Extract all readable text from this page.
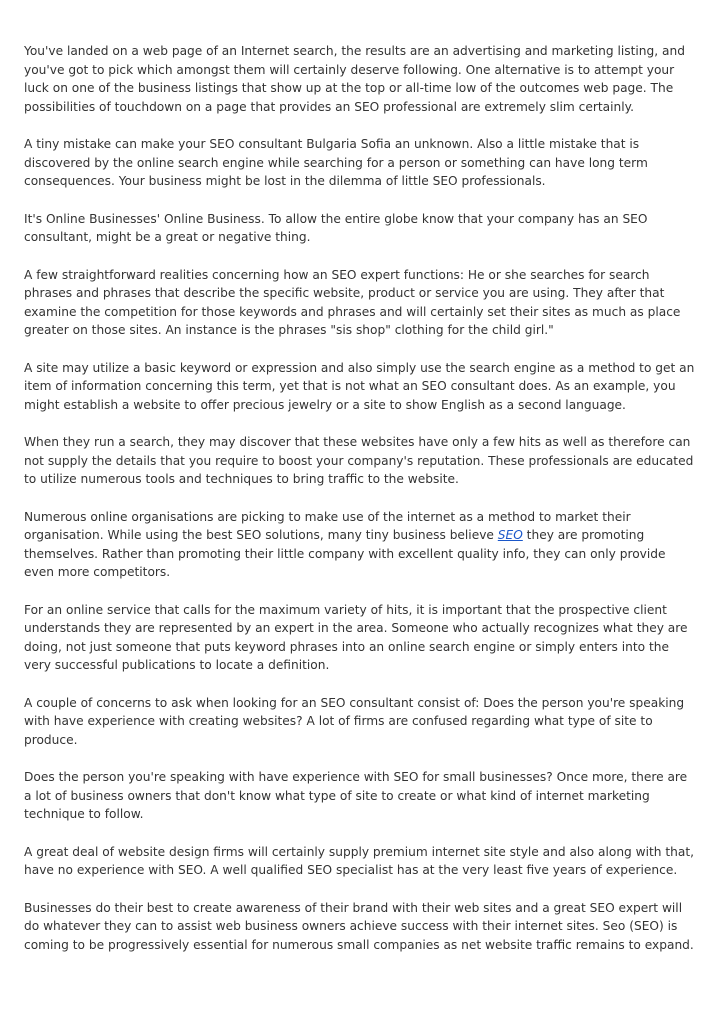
You've landed on a web page of an Internet search, the results are an advertising and marketing listing, and you've got to pick which amongst them will certainly deserve following. One alternative is to attempt your luck on one of the business listings that show up at the top or all-time low of the outcomes web page. The possibilities of touchdown on a page that provides an SEO professional are extremely slim certainly.

A tiny mistake can make your SEO consultant Bulgaria Sofia an unknown. Also a little mistake that is discovered by the online search engine while searching for a person or something can have long term consequences. Your business might be lost in the dilemma of little SEO professionals.

It's Online Businesses' Online Business. To allow the entire globe know that your company has an SEO consultant, might be a great or negative thing.

A few straightforward realities concerning how an SEO expert functions: He or she searches for search phrases and phrases that describe the specific website, product or service you are using. They after that examine the competition for those keywords and phrases and will certainly set their sites as much as place greater on those sites. An instance is the phrases "sis shop" clothing for the child girl."

A site may utilize a basic keyword or expression and also simply use the search engine as a method to get an item of information concerning this term, yet that is not what an SEO consultant does. As an example, you might establish a website to offer precious jewelry or a site to show English as a second language.

When they run a search, they may discover that these websites have only a few hits as well as therefore can not supply the details that you require to boost your company's reputation. These professionals are educated to utilize numerous tools and techniques to bring traffic to the website.

Numerous online organisations are picking to make use of the internet as a method to market their organisation. While using the best SEO solutions, many tiny business believe SEO they are promoting themselves. Rather than promoting their little company with excellent quality info, they can only provide even more competitors.

For an online service that calls for the maximum variety of hits, it is important that the prospective client understands they are represented by an expert in the area. Someone who actually recognizes what they are doing, not just someone that puts keyword phrases into an online search engine or simply enters into the very successful publications to locate a definition.

A couple of concerns to ask when looking for an SEO consultant consist of: Does the person you're speaking with have experience with creating websites? A lot of firms are confused regarding what type of site to produce.

Does the person you're speaking with have experience with SEO for small businesses? Once more, there are a lot of business owners that don't know what type of site to create or what kind of internet marketing technique to follow.

A great deal of website design firms will certainly supply premium internet site style and also along with that, have no experience with SEO. A well qualified SEO specialist has at the very least five years of experience.

Businesses do their best to create awareness of their brand with their web sites and a great SEO expert will do whatever they can to assist web business owners achieve success with their internet sites. Seo (SEO) is coming to be progressively essential for numerous small companies as net website traffic remains to expand.
